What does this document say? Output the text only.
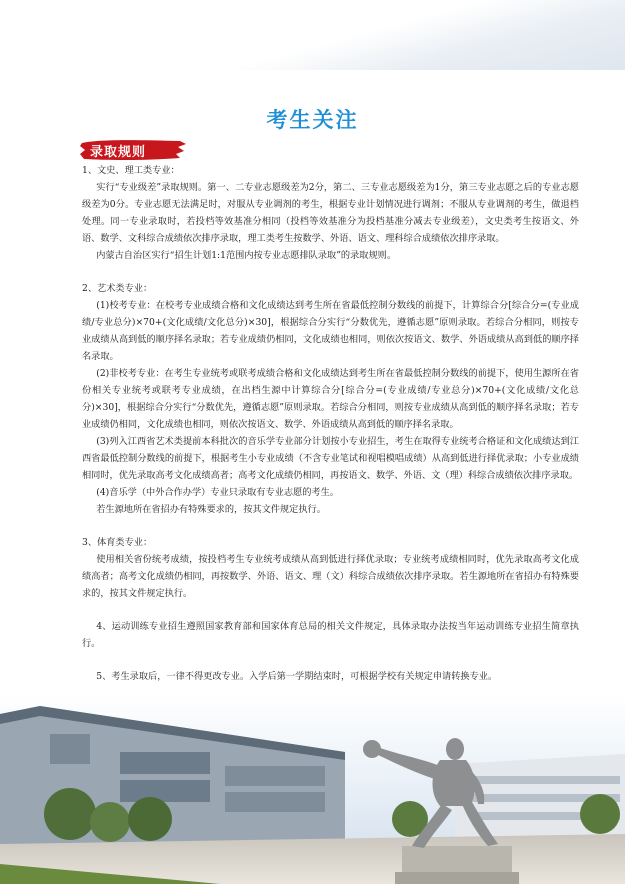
考生关注
录取规则

1、文史、理工类专业：

实行“专业级差”录取规则。第一、二专业志愿级差为2分，第二、三专业志愿级差为1分，第三专业志愿之后的专业志愿级差为0分。专业志愿无法满足时，对服从专业调剂的考生，根据专业计划情况进行调剂；不服从专业调剂的考生，做退档处理。同一专业录取时，若投档等效基准分相同（投档等效基准分为投档基准分减去专业级差），文史类考生按语文、外语、数学、文科综合成绩依次排序录取，理工类考生按数学、外语、语文、理科综合成绩依次排序录取。

内蒙古自治区实行“招生计划1:1范围内按专业志愿排队录取”的录取规则。

2、艺术类专业：

(1)校考专业：在校考专业成绩合格和文化成绩达到考生所在省最低控制分数线的前提下，计算综合分[综合分=(专业成绩/专业总分)×70+(文化成绩/文化总分)×30]，根据综合分实行“分数优先，遵循志愿”原则录取。若综合分相同，则按专业成绩从高到低的顺序择名录取；若专业成绩仍相同，文化成绩也相同，则依次按语文、数学、外语成绩从高到低的顺序择名录取。

(2)非校考专业：在考生专业统考或联考成绩合格和文化成绩达到考生所在省最低控制分数线的前提下，使用生源所在省份相关专业统考或联考专业成绩，在出档生源中计算综合分[综合分=(专业成绩/专业总分)×70+(文化成绩/文化总分)×30]，根据综合分实行“分数优先，遵循志愿”原则录取。若综合分相同，则按专业成绩从高到低的顺序择名录取；若专业成绩仍相同，文化成绩也相同，则依次按语文、数学、外语成绩从高到低的顺序择名录取。

(3)列入江西省艺术类提前本科批次的音乐学专业部分计划按小专业招生，考生在取得专业统考合格证和文化成绩达到江西省最低控制分数线的前提下，根据考生小专业成绩（不含专业笔试和视唱模唱成绩）从高到低进行择优录取；小专业成绩相同时，优先录取高考文化成绩高者；高考文化成绩仍相同，再按语文、数学、外语、文（理）科综合成绩依次排序录取。

(4)音乐学（中外合作办学）专业只录取有专业志愿的考生。

若生源地所在省招办有特殊要求的，按其文件规定执行。

3、体育类专业：

使用相关省份统考成绩，按投档考生专业统考成绩从高到低进行择优录取；专业统考成绩相同时，优先录取高考文化成绩高者；高考文化成绩仍相同，再按数学、外语、语文、理（文）科综合成绩依次排序录取。若生源地所在省招办有特殊要求的，按其文件规定执行。

4、运动训练专业招生遵照国家教育部和国家体育总局的相关文件规定，具体录取办法按当年运动训练专业招生简章执行。

5、考生录取后，一律不得更改专业。入学后第一学期结束时，可根据学校有关规定申请转换专业。
